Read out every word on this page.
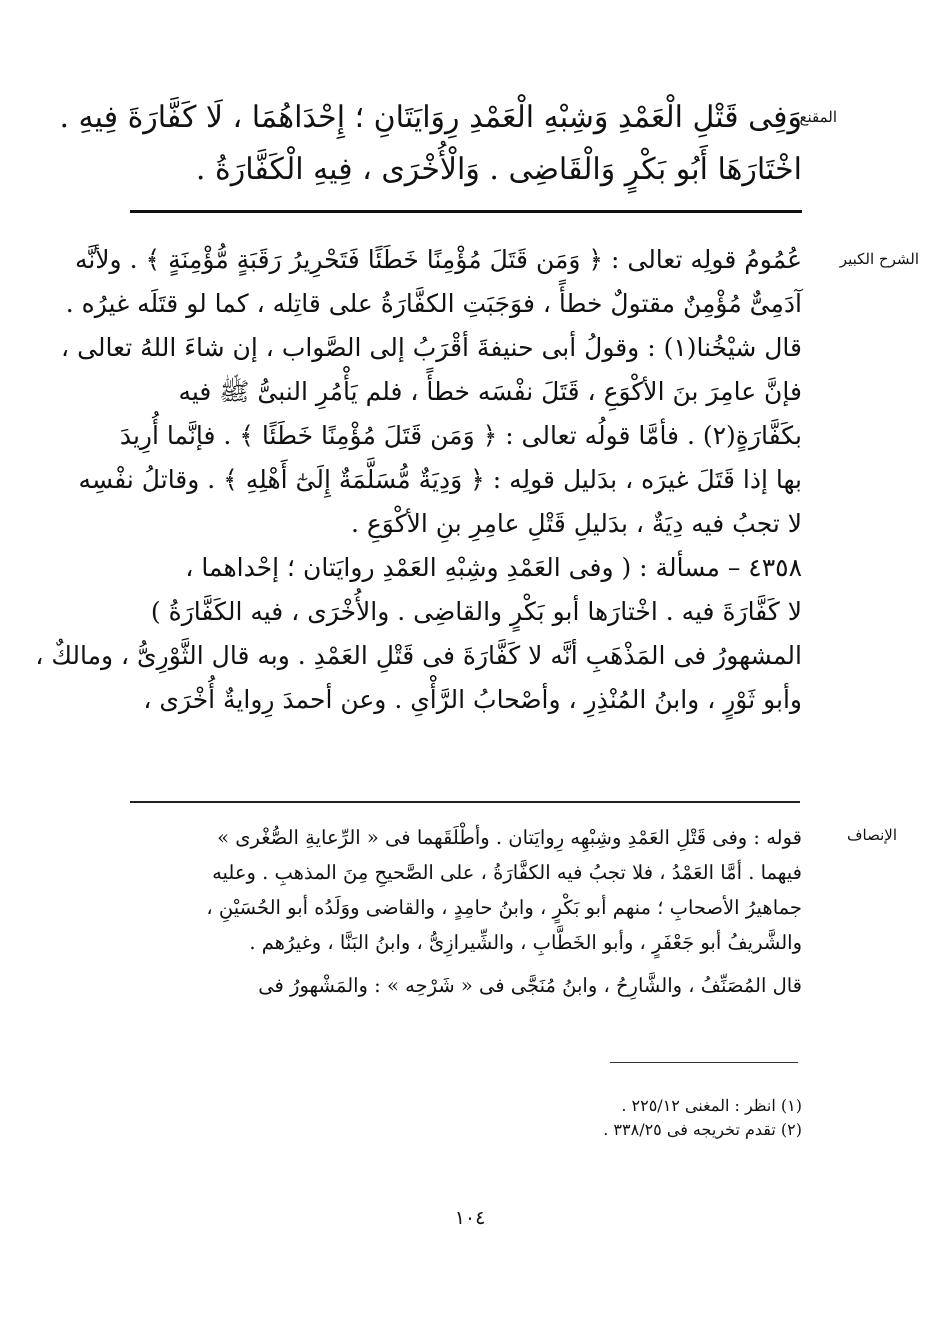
المقنع
وَفِى قَتْلِ الْعَمْدِ وَشِبْهِ الْعَمْدِ رِوَايَتَانِ ؛ إِحْدَاهُمَا ، لَا كَفَّارَةَ فِيهِ .
اخْتَارَهَا أَبُو بَكْرٍ وَالْقَاضِى . وَالْأُخْرَى ، فِيهِ الْكَفَّارَةُ .
الشرح الكبير
عُمُومُ قولِه تعالى : ﴿ وَمَن قَتَلَ مُؤْمِنًا خَطَئًا فَتَحْرِيرُ رَقَبَةٍ مُّؤْمِنَةٍ ﴾ . ولأنَّه
آدَمِىٌّ مُؤْمِنٌ مقتولٌ خطأً ، فوَجَبَتِ الكفَّارَةُ على قاتِله ، كما لو قتَلَه غيرُه .
قال شيْخُنا(١) : وقولُ أبى حنيفةَ أقْرَبُ إلى الصَّواب ، إن شاءَ اللهُ تعالى ،
فإنَّ عامِرَ بنَ الأكْوَعِ ، قَتَلَ نفْسَه خطأً ، فلم يَأْمُرِ النبىُّ ﷺ فيه
بكَفَّارَةٍ(٢) . فأمَّا قولُه تعالى : ﴿ وَمَن قَتَلَ مُؤْمِنًا خَطَئًا ﴾ . فإنَّما أُرِيدَ
بها إذا قَتَلَ غيرَه ، بدَليل قولِه : ﴿ وَدِيَةٌ مُّسَلَّمَةٌ إِلَىٰٓ أَهْلِهِ ﴾ . وقاتلُ نفْسِه
لا تجبُ فيه دِيَةٌ ، بدَليلِ قَتْلِ عامِرِ بنِ الأكْوَعِ .
٤٣٥٨ – مسألة : ( وفى العَمْدِ وشِبْهِ العَمْدِ روايَتان ؛ إحْداهما ،
لا كَفَّارَةَ فيه . اخْتارَها أبو بَكْرٍ والقاضِى . والأُخْرَى ، فيه الكَفَّارَةُ )
المشهورُ فى المَذْهَبِ أنَّه لا كَفَّارَةَ فى قَتْلِ العَمْدِ . وبه قال الثَّوْرِىُّ ، ومالكٌ ،
وأبو ثَوْرٍ ، وابنُ المُنْذِرِ ، وأصْحابُ الرَّأْىِ . وعن أحمدَ رِوايةٌ أُخْرَى ،
الإنصاف
قوله : وفى قَتْلِ العَمْدِ وشِبْهِه رِوايَتان . وأطْلَقَهما فى « الرِّعايةِ الصُّغْرى »
فيهما . أمَّا العَمْدُ ، فلا تجبُ فيه الكفَّارَةُ ، على الصَّحيحِ مِنَ المذهبِ . وعليه
جماهيرُ الأصحابِ ؛ منهم أبو بَكْرٍ ، وابنُ حامِدٍ ، والقاضى ووَلَدُه أبو الحُسَيْنِ ،
والشَّريفُ أبو جَعْفَرٍ ، وأبو الخَطَّابِ ، والشِّيرازِىُّ ، وابنُ البَنَّا ، وغيرُهم .
قال المُصَنِّفُ ، والشَّارِحُ ، وابنُ مُنَجَّى فى « شَرْحِه » : والمَشْهورُ فى
(١) انظر : المغنى ٢٢٥/١٢ .
(٢) تقدم تخريجه فى ٣٣٨/٢٥ .
١٠٤
